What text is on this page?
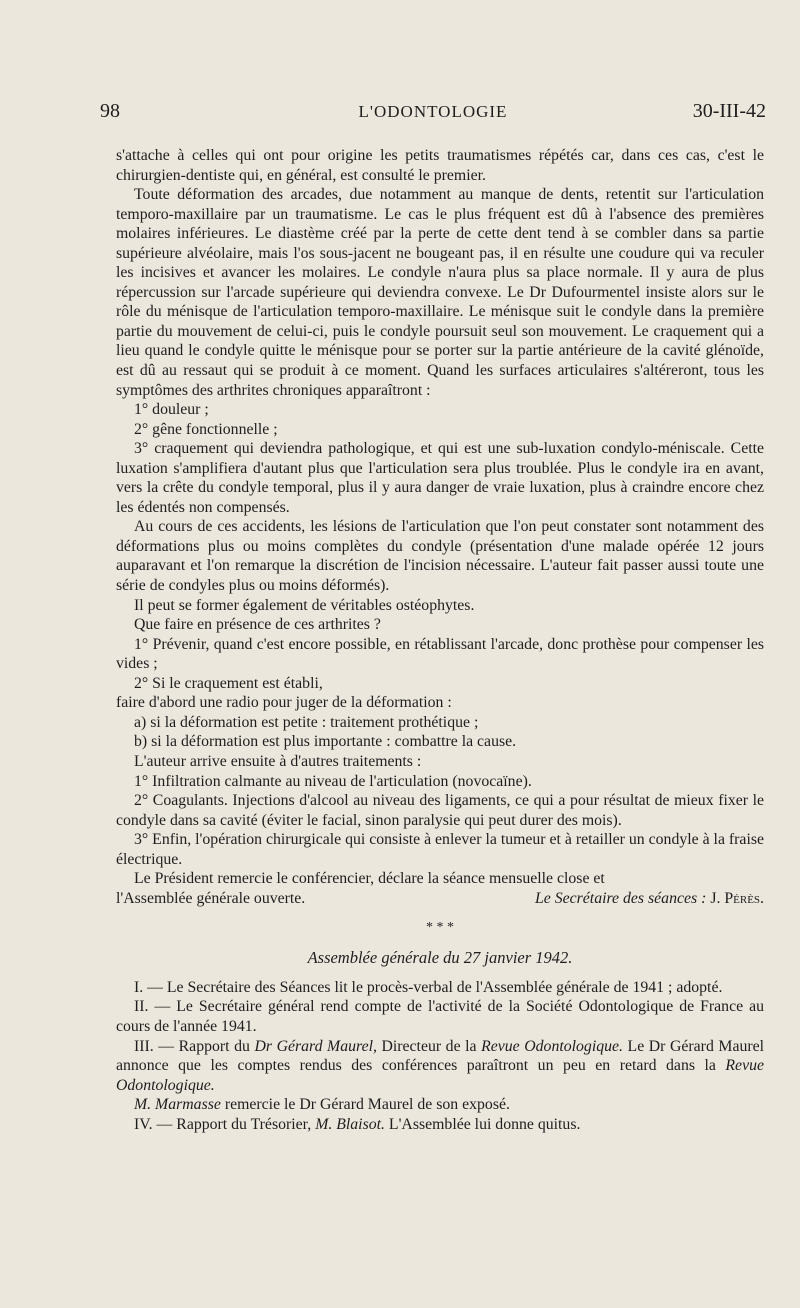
98	L'ODONTOLOGIE	30-III-42

s'attache à celles qui ont pour origine les petits traumatismes répétés car, dans ces cas, c'est le chirurgien-dentiste qui, en général, est consulté le premier.

Toute déformation des arcades, due notamment au manque de dents, retentit sur l'articulation temporo-maxillaire par un traumatisme. Le cas le plus fréquent est dû à l'absence des premières molaires inférieures. Le diastème créé par la perte de cette dent tend à se combler dans sa partie supérieure alvéolaire, mais l'os sous-jacent ne bougeant pas, il en résulte une coudure qui va reculer les incisives et avancer les molaires. Le condyle n'aura plus sa place normale. Il y aura de plus répercussion sur l'arcade supérieure qui deviendra convexe. Le Dr Dufourmentel insiste alors sur le rôle du ménisque de l'articulation temporo-maxillaire. Le ménisque suit le condyle dans la première partie du mouvement de celui-ci, puis le condyle poursuit seul son mouvement. Le craquement qui a lieu quand le condyle quitte le ménisque pour se porter sur la partie antérieure de la cavité glénoïde, est dû au ressaut qui se produit à ce moment. Quand les surfaces articulaires s'altéreront, tous les symptômes des arthrites chroniques apparaîtront :

1° douleur ;

2° gêne fonctionnelle ;

3° craquement qui deviendra pathologique, et qui est une sub-luxation condylo-méniscale. Cette luxation s'amplifiera d'autant plus que l'articulation sera plus troublée. Plus le condyle ira en avant, vers la crête du condyle temporal, plus il y aura danger de vraie luxation, plus à craindre encore chez les édentés non compensés.

Au cours de ces accidents, les lésions de l'articulation que l'on peut constater sont notamment des déformations plus ou moins complètes du condyle (présentation d'une malade opérée 12 jours auparavant et l'on remarque la discrétion de l'incision nécessaire. L'auteur fait passer aussi toute une série de condyles plus ou moins déformés).

Il peut se former également de véritables ostéophytes.

Que faire en présence de ces arthrites ?

1° Prévenir, quand c'est encore possible, en rétablissant l'arcade, donc prothèse pour compenser les vides ;

2° Si le craquement est établi,

faire d'abord une radio pour juger de la déformation :

a) si la déformation est petite : traitement prothétique ;

b) si la déformation est plus importante : combattre la cause.

L'auteur arrive ensuite à d'autres traitements :

1° Infiltration calmante au niveau de l'articulation (novocaïne).

2° Coagulants. Injections d'alcool au niveau des ligaments, ce qui a pour résultat de mieux fixer le condyle dans sa cavité (éviter le facial, sinon paralysie qui peut durer des mois).

3° Enfin, l'opération chirurgicale qui consiste à enlever la tumeur et à retailler un condyle à la fraise électrique.

Le Président remercie le conférencier, déclare la séance mensuelle close et

l'Assemblée générale ouverte.	Le Secrétaire des séances : J. Pérès.
* * *
Assemblée générale du 27 janvier 1942.

I. — Le Secrétaire des Séances lit le procès-verbal de l'Assemblée générale de 1941 ; adopté.

II. — Le Secrétaire général rend compte de l'activité de la Société Odontologique de France au cours de l'année 1941.

III. — Rapport du Dr Gérard Maurel, Directeur de la Revue Odontologique. Le Dr Gérard Maurel annonce que les comptes rendus des conférences paraîtront un peu en retard dans la Revue Odontologique.

M. Marmasse remercie le Dr Gérard Maurel de son exposé.

IV. — Rapport du Trésorier, M. Blaisot. L'Assemblée lui donne quitus.
